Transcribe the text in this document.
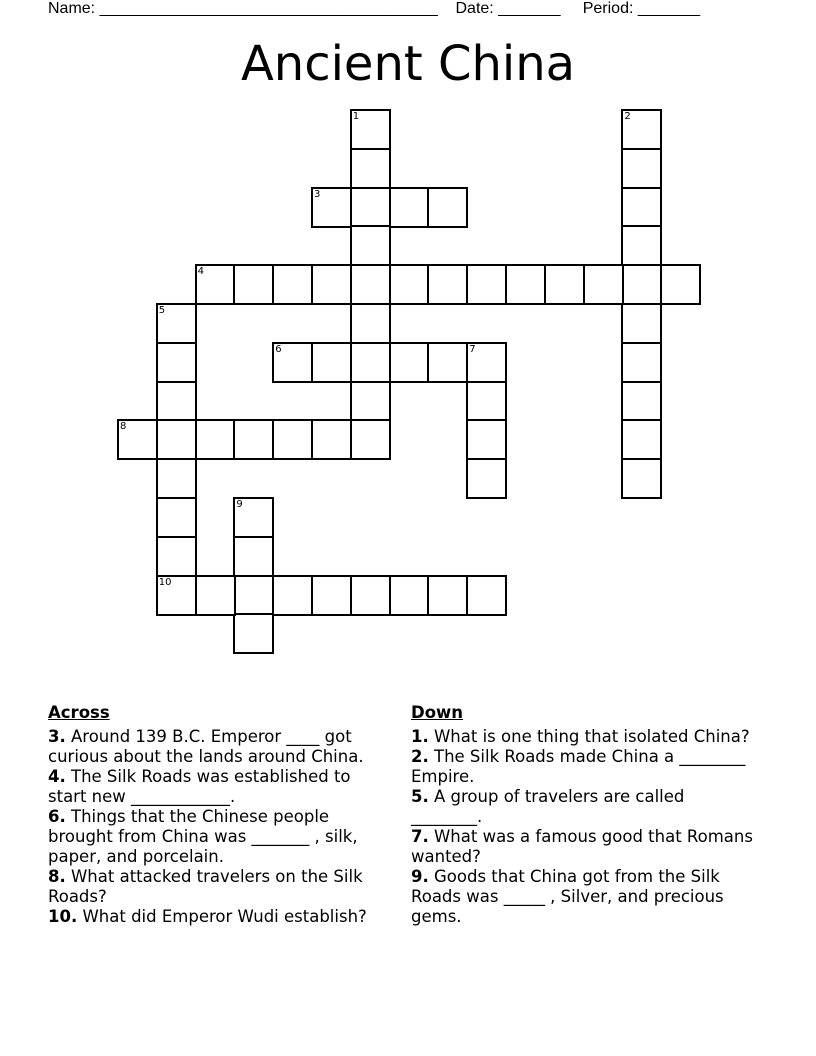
Name: ______________________________________ Date: _______ Period: _______
Ancient China
1	2
3
4
5
10
6	7
8
9
Across
3. Around 139 B.C. Emperor ____ got curious about the lands around China.
4. The Silk Roads was established to start new ____________.
6. Things that the Chinese people brought from China was _______ , silk, paper, and porcelain.
8. What attacked travelers on the Silk Roads?
10. What did Emperor Wudi establish?
Down
1. What is one thing that isolated China?
2. The Silk Roads made China a ________ Empire.
5. A group of travelers are called ________.
7. What was a famous good that Romans wanted?
9. Goods that China got from the Silk Roads was _____ , Silver, and precious gems.
